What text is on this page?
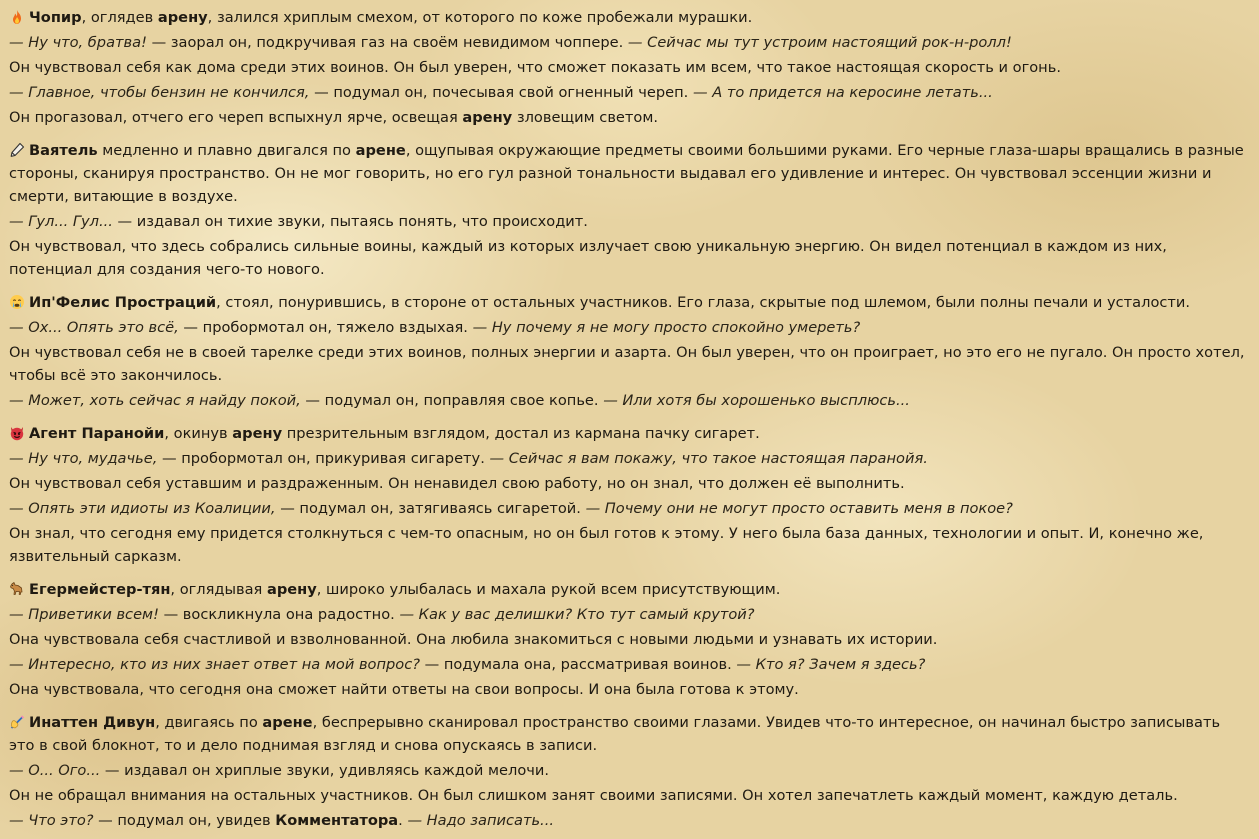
Чопир, оглядев арену, залился хриплым смехом, от которого по коже пробежали мурашки.

— Ну что, братва! — заорал он, подкручивая газ на своём невидимом чоппере. — Сейчас мы тут устроим настоящий рок-н-ролл!

Он чувствовал себя как дома среди этих воинов. Он был уверен, что сможет показать им всем, что такое настоящая скорость и огонь.

— Главное, чтобы бензин не кончился, — подумал он, почесывая свой огненный череп. — А то придется на керосине летать...

Он прогазовал, отчего его череп вспыхнул ярче, освещая арену зловещим светом.

Ваятель медленно и плавно двигался по арене, ощупывая окружающие предметы своими большими руками. Его черные глаза-шары вращались в разные стороны, сканируя пространство. Он не мог говорить, но его гул разной тональности выдавал его удивление и интерес. Он чувствовал эссенции жизни и смерти, витающие в воздухе.

— Гул... Гул... — издавал он тихие звуки, пытаясь понять, что происходит.

Он чувствовал, что здесь собрались сильные воины, каждый из которых излучает свою уникальную энергию. Он видел потенциал в каждом из них, потенциал для создания чего-то нового.

Ип'Фелис Простраций, стоял, понурившись, в стороне от остальных участников. Его глаза, скрытые под шлемом, были полны печали и усталости.

— Ох... Опять это всё, — пробормотал он, тяжело вздыхая. — Ну почему я не могу просто спокойно умереть?

Он чувствовал себя не в своей тарелке среди этих воинов, полных энергии и азарта. Он был уверен, что он проиграет, но это его не пугало. Он просто хотел, чтобы всё это закончилось.

— Может, хоть сейчас я найду покой, — подумал он, поправляя свое копье. — Или хотя бы хорошенько высплюсь...

Агент Паранойи, окинув арену презрительным взглядом, достал из кармана пачку сигарет.

— Ну что, мудачье, — пробормотал он, прикуривая сигарету. — Сейчас я вам покажу, что такое настоящая паранойя.

Он чувствовал себя уставшим и раздраженным. Он ненавидел свою работу, но он знал, что должен её выполнить.

— Опять эти идиоты из Коалиции, — подумал он, затягиваясь сигаретой. — Почему они не могут просто оставить меня в покое?

Он знал, что сегодня ему придется столкнуться с чем-то опасным, но он был готов к этому. У него была база данных, технологии и опыт. И, конечно же, язвительный сарказм.

Егермейстер-тян, оглядывая арену, широко улыбалась и махала рукой всем присутствующим.

— Приветики всем! — воскликнула она радостно. — Как у вас делишки? Кто тут самый крутой?

Она чувствовала себя счастливой и взволнованной. Она любила знакомиться с новыми людьми и узнавать их истории.

— Интересно, кто из них знает ответ на мой вопрос? — подумала она, рассматривая воинов. — Кто я? Зачем я здесь?

Она чувствовала, что сегодня она сможет найти ответы на свои вопросы. И она была готова к этому.

Инаттен Дивун, двигаясь по арене, беспрерывно сканировал пространство своими глазами. Увидев что-то интересное, он начинал быстро записывать это в свой блокнот, то и дело поднимая взгляд и снова опускаясь в записи.

— О... Ого... — издавал он хриплые звуки, удивляясь каждой мелочи.

Он не обращал внимания на остальных участников. Он был слишком занят своими записями. Он хотел запечатлеть каждый момент, каждую деталь.

— Что это? — подумал он, увидев Комментатора. — Надо записать...
